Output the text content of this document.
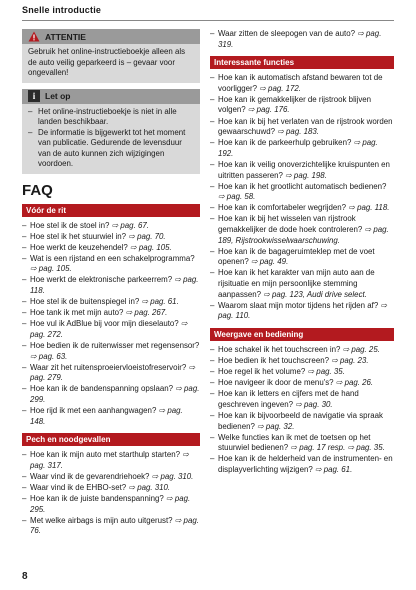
Snelle introductie
ATTENTIE
Gebruik het online-instructieboekje alleen als de auto veilig geparkeerd is – gevaar voor ongevallen!
i	Let op
– Het online-instructieboekje is niet in alle landen beschikbaar.
– De informatie is bijgewerkt tot het moment van publicatie. Gedurende de levensduur van de auto kunnen zich wijzigingen voordoen.
FAQ
Vóór de rit
– Hoe stel ik de stoel in? ⇨ pag. 67.
– Hoe stel ik het stuurwiel in? ⇨ pag. 70.
– Hoe werkt de keuzehendel? ⇨ pag. 105.
– Wat is een rijstand en een schakelprogramma? ⇨ pag. 105.
– Hoe werkt de elektronische parkeerrem? ⇨ pag. 118.
– Hoe stel ik de buitenspiegel in? ⇨ pag. 61.
– Hoe tank ik met mijn auto? ⇨ pag. 267.
– Hoe vul ik AdBlue bij voor mijn dieselauto? ⇨ pag. 272.
– Hoe bedien ik de ruitenwisser met regensensor? ⇨ pag. 63.
– Waar zit het ruitensproeiervloeistofreservoir? ⇨ pag. 279.
– Hoe kan ik de bandenspanning opslaan? ⇨ pag. 299.
– Hoe rijd ik met een aanhangwagen? ⇨ pag. 148.
Pech en noodgevallen
– Hoe kan ik mijn auto met starthulp starten? ⇨ pag. 317.
– Waar vind ik de gevarendriehoek? ⇨ pag. 310.
– Waar vind ik de EHBO-set? ⇨ pag. 310.
– Hoe kan ik de juiste bandenspanning? ⇨ pag. 295.
– Met welke airbags is mijn auto uitgerust? ⇨ pag. 76.
– Waar zitten de sleepogen van de auto? ⇨ pag. 319.
Interessante functies
– Hoe kan ik automatisch afstand bewaren tot de voorligger? ⇨ pag. 172.
– Hoe kan ik gemakkelijker de rijstrook blijven volgen? ⇨ pag. 176.
– Hoe kan ik bij het verlaten van de rijstrook worden gewaarschuwd? ⇨ pag. 183.
– Hoe kan ik de parkeerhulp gebruiken? ⇨ pag. 192.
– Hoe kan ik veilig onoverzichtelijke kruispunten en uitritten passeren? ⇨ pag. 198.
– Hoe kan ik het grootlicht automatisch bedienen? ⇨ pag. 58.
– Hoe kan ik comfortabeler wegrijden? ⇨ pag. 118.
– Hoe kan ik bij het wisselen van rijstrook gemakkelijker de dode hoek controleren? ⇨ pag. 189, Rijstrookwisselwaarschuwing.
– Hoe kan ik de bagageruimteklep met de voet openen? ⇨ pag. 49.
– Hoe kan ik het karakter van mijn auto aan de rijsituatie en mijn persoonlijke stemming aanpassen? ⇨ pag. 123, Audi drive select.
– Waarom slaat mijn motor tijdens het rijden af? ⇨ pag. 110.
Weergave en bediening
– Hoe schakel ik het touchscreen in? ⇨ pag. 25.
– Hoe bedien ik het touchscreen? ⇨ pag. 23.
– Hoe regel ik het volume? ⇨ pag. 35.
– Hoe navigeer ik door de menu's? ⇨ pag. 26.
– Hoe kan ik letters en cijfers met de hand geschreven ingeven? ⇨ pag. 30.
– Hoe kan ik bijvoorbeeld de navigatie via spraak bedienen? ⇨ pag. 32.
– Welke functies kan ik met de toetsen op het stuurwiel bedienen? ⇨ pag. 17 resp. ⇨ pag. 35.
– Hoe kan ik de helderheid van de instrumenten- en displayverlichting wijzigen? ⇨ pag. 61.
8
